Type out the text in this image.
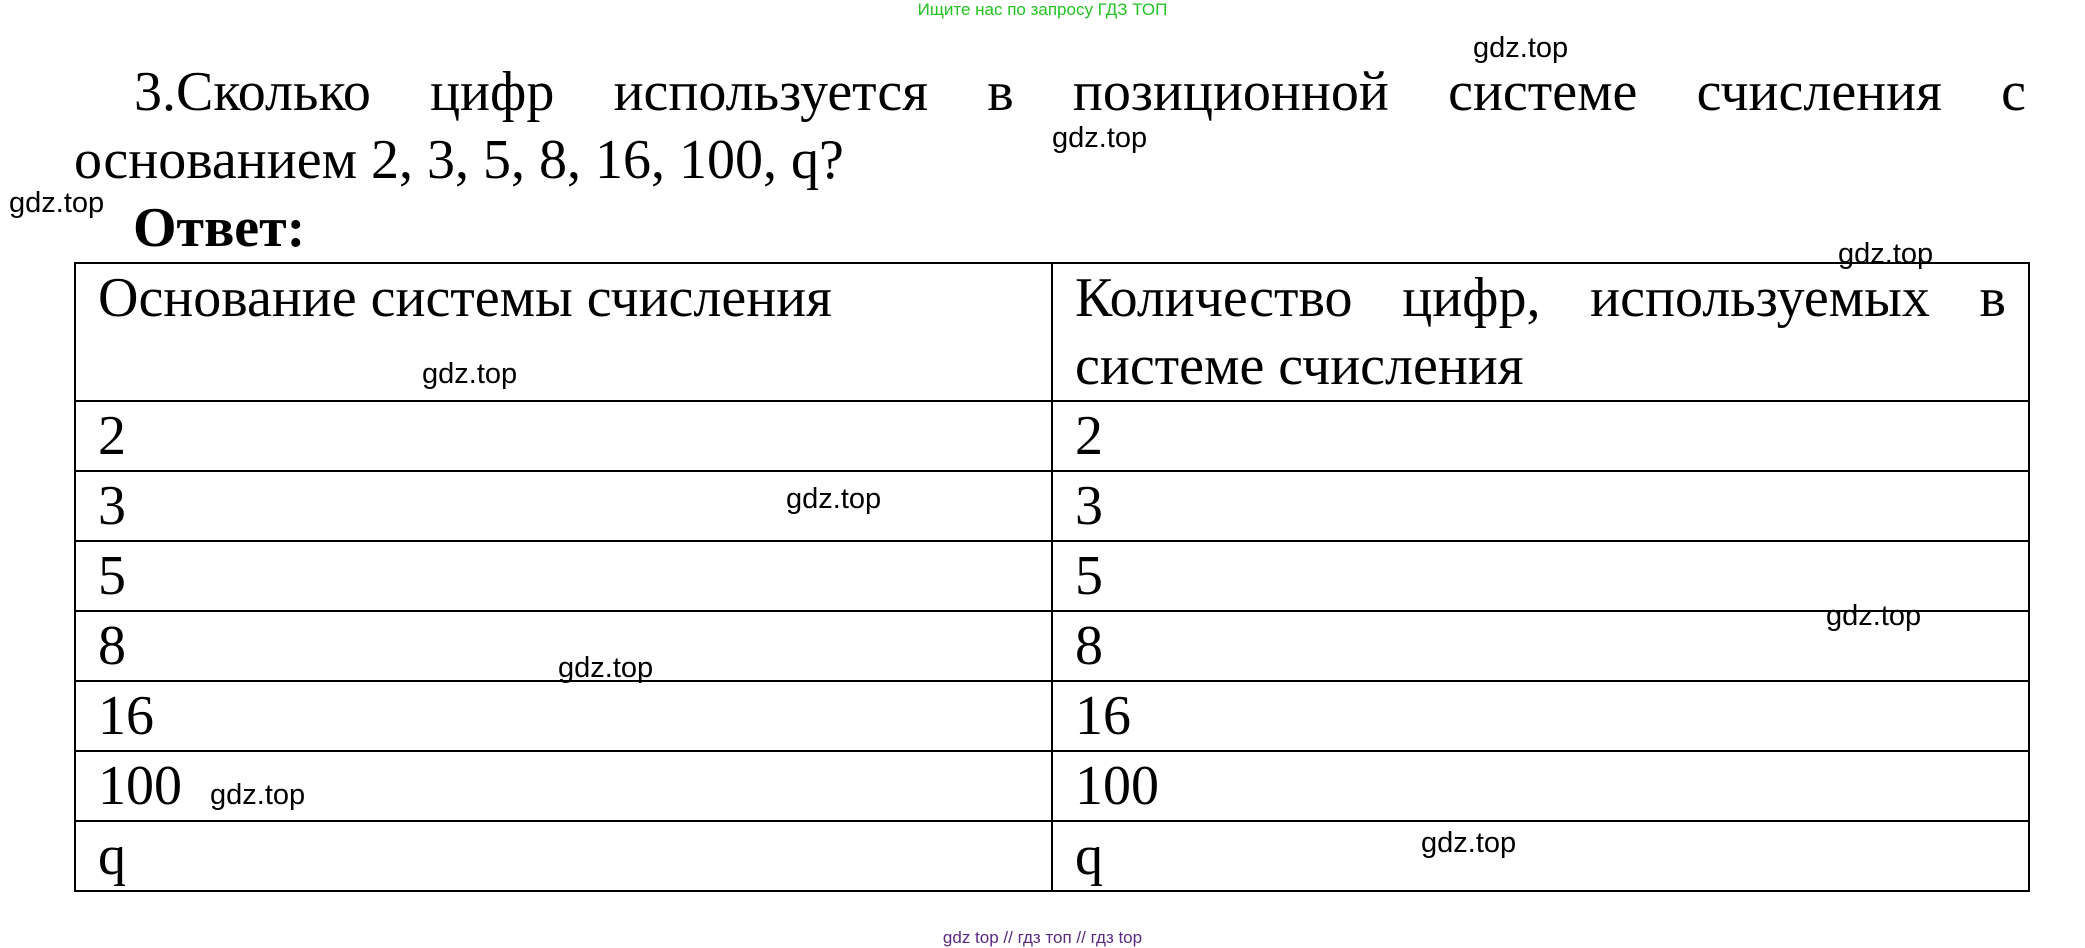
Ищите нас по запросу ГДЗ ТОП
3.Сколько цифр используется в позиционной системе счисления с
основанием 2, 3, 5, 8, 16, 100, q?
Ответ:
Основание системы счисления	Количество цифр, используемых в системе счисления
2	2
3	3
5	5
8	8
16	16
100	100
q	q
gdz.top
gdz.top
gdz.top
gdz.top
gdz.top
gdz.top
gdz.top
gdz.top
gdz.top
gdz.top
gdz top // гдз топ // гдз top
